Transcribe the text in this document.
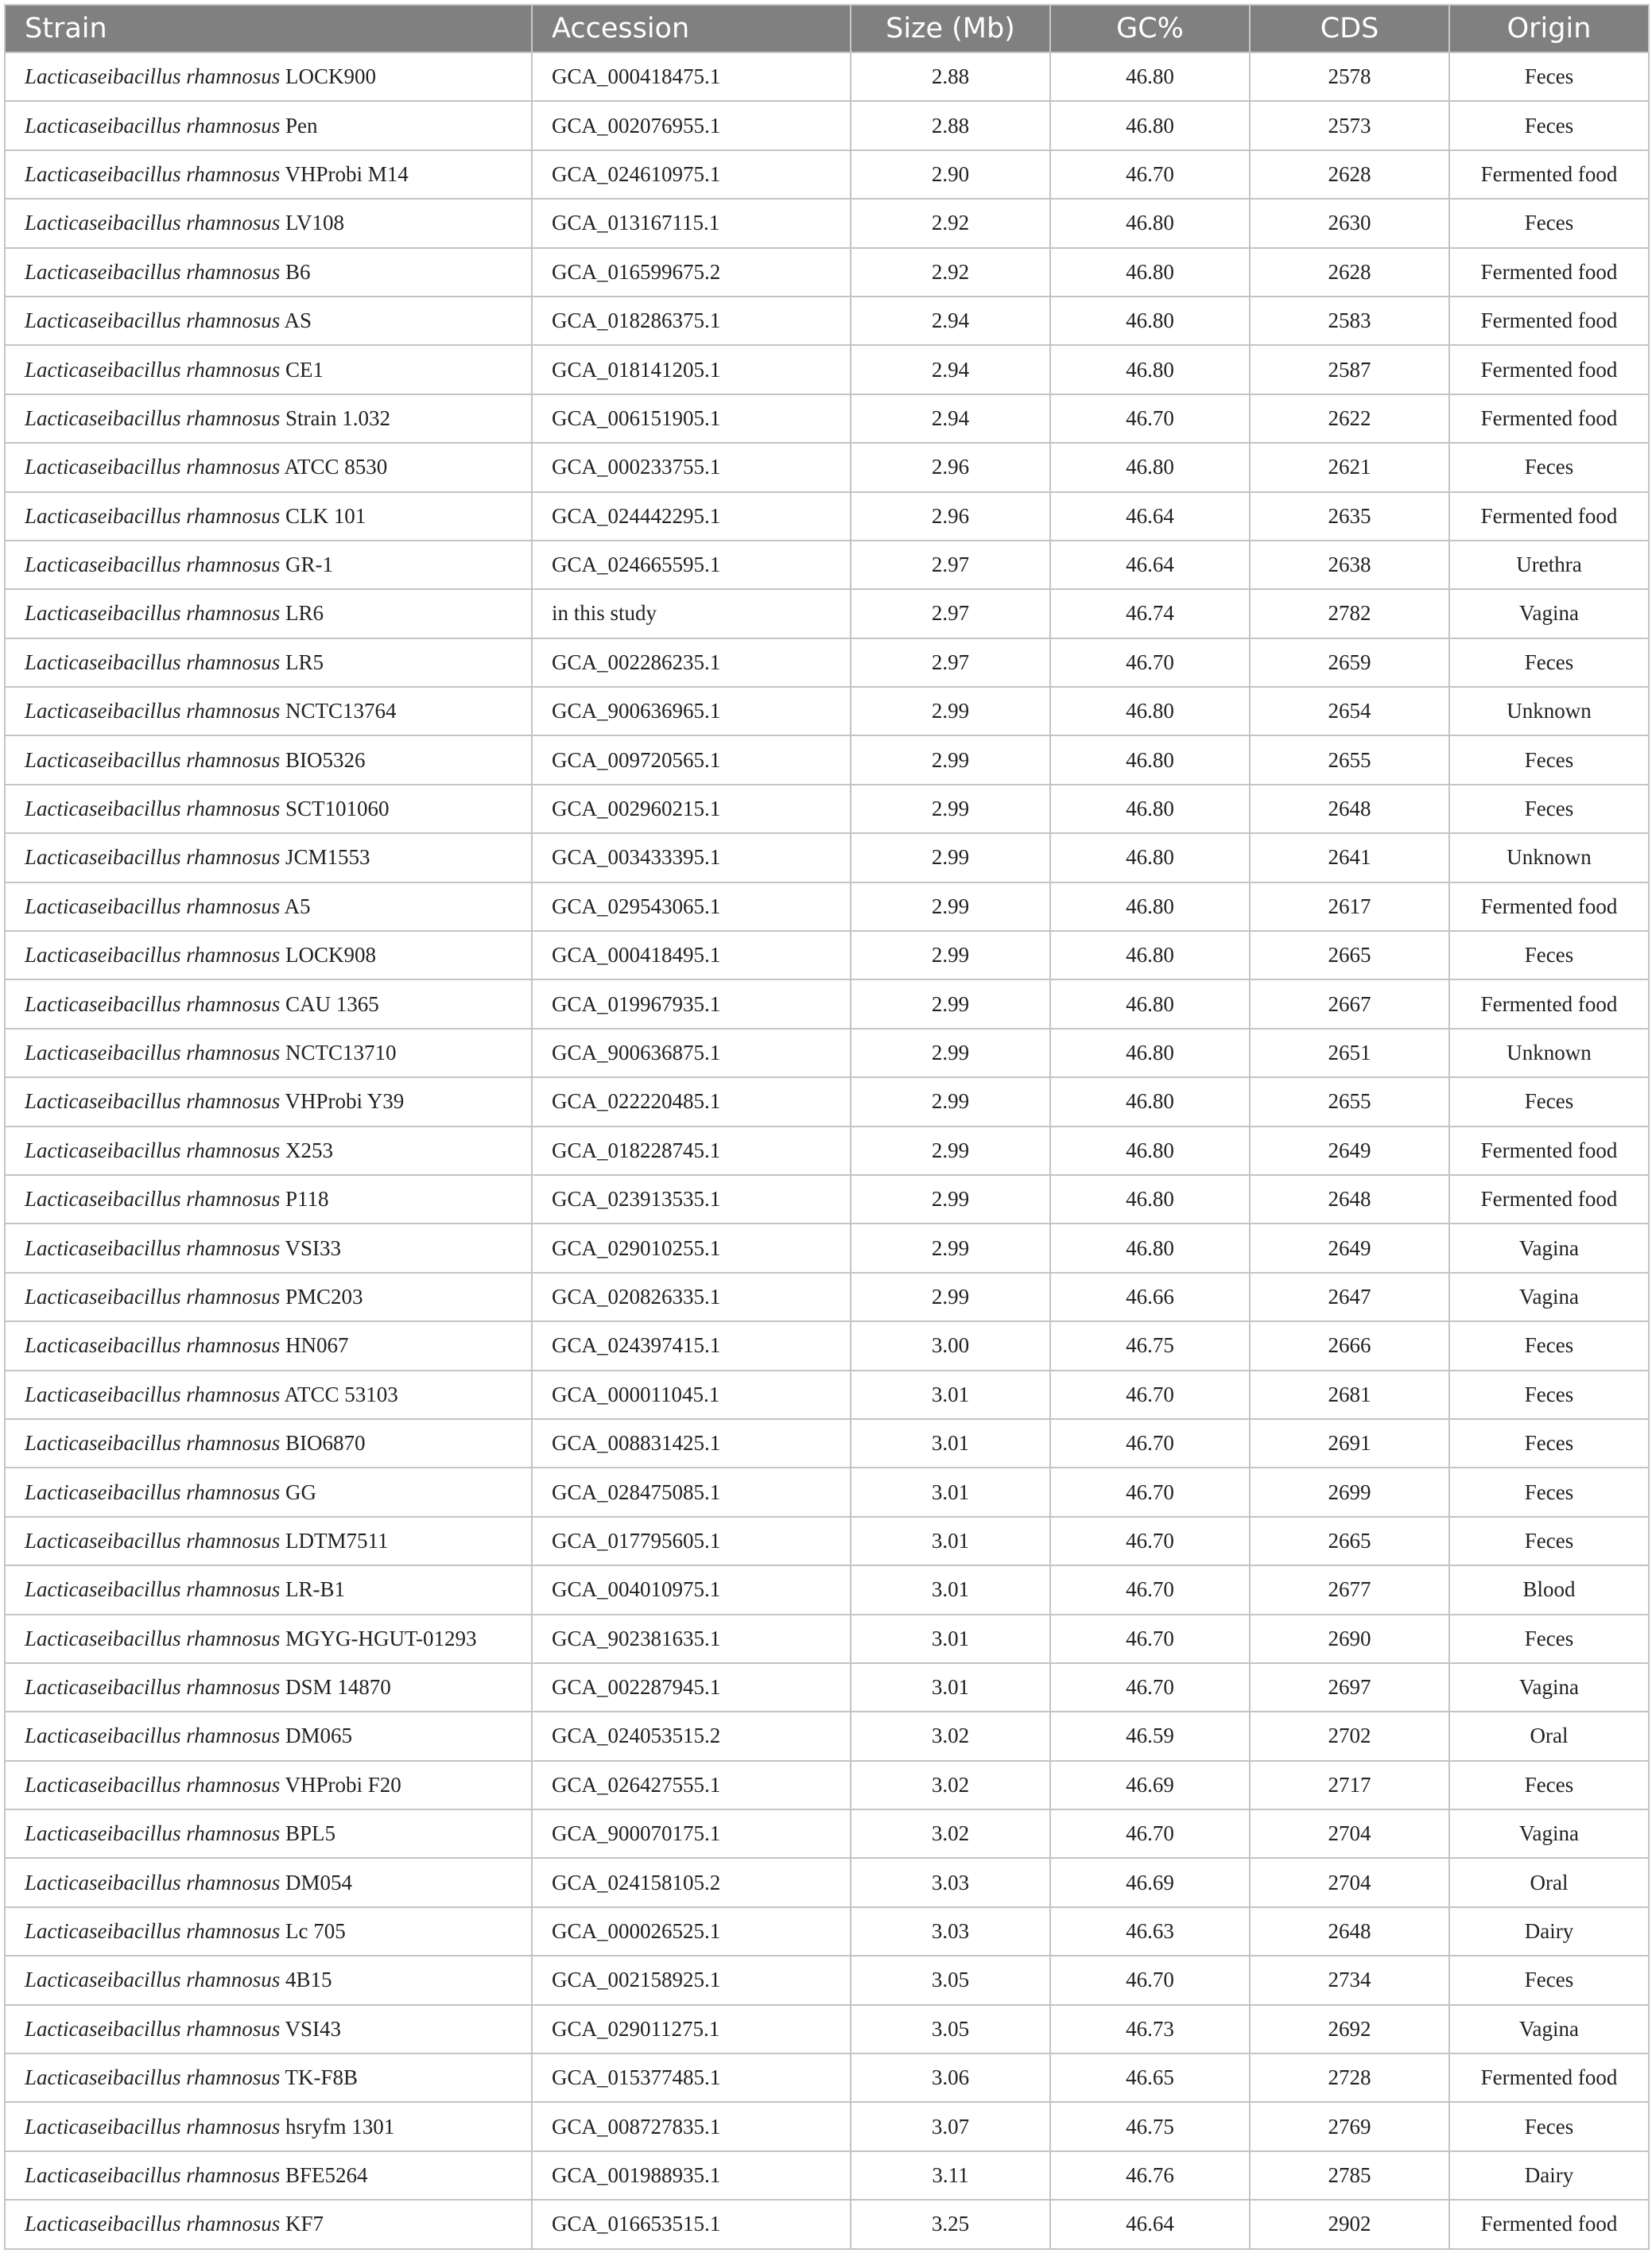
Strain	Accession	Size (Mb)	GC%	CDS	Origin
Lacticaseibacillus rhamnosus LOCK900	GCA_000418475.1	2.88	46.80	2578	Feces
Lacticaseibacillus rhamnosus Pen	GCA_002076955.1	2.88	46.80	2573	Feces
Lacticaseibacillus rhamnosus VHProbi M14	GCA_024610975.1	2.90	46.70	2628	Fermented food
Lacticaseibacillus rhamnosus LV108	GCA_013167115.1	2.92	46.80	2630	Feces
Lacticaseibacillus rhamnosus B6	GCA_016599675.2	2.92	46.80	2628	Fermented food
Lacticaseibacillus rhamnosus AS	GCA_018286375.1	2.94	46.80	2583	Fermented food
Lacticaseibacillus rhamnosus CE1	GCA_018141205.1	2.94	46.80	2587	Fermented food
Lacticaseibacillus rhamnosus Strain 1.032	GCA_006151905.1	2.94	46.70	2622	Fermented food
Lacticaseibacillus rhamnosus ATCC 8530	GCA_000233755.1	2.96	46.80	2621	Feces
Lacticaseibacillus rhamnosus CLK 101	GCA_024442295.1	2.96	46.64	2635	Fermented food
Lacticaseibacillus rhamnosus GR-1	GCA_024665595.1	2.97	46.64	2638	Urethra
Lacticaseibacillus rhamnosus LR6	in this study	2.97	46.74	2782	Vagina
Lacticaseibacillus rhamnosus LR5	GCA_002286235.1	2.97	46.70	2659	Feces
Lacticaseibacillus rhamnosus NCTC13764	GCA_900636965.1	2.99	46.80	2654	Unknown
Lacticaseibacillus rhamnosus BIO5326	GCA_009720565.1	2.99	46.80	2655	Feces
Lacticaseibacillus rhamnosus SCT101060	GCA_002960215.1	2.99	46.80	2648	Feces
Lacticaseibacillus rhamnosus JCM1553	GCA_003433395.1	2.99	46.80	2641	Unknown
Lacticaseibacillus rhamnosus A5	GCA_029543065.1	2.99	46.80	2617	Fermented food
Lacticaseibacillus rhamnosus LOCK908	GCA_000418495.1	2.99	46.80	2665	Feces
Lacticaseibacillus rhamnosus CAU 1365	GCA_019967935.1	2.99	46.80	2667	Fermented food
Lacticaseibacillus rhamnosus NCTC13710	GCA_900636875.1	2.99	46.80	2651	Unknown
Lacticaseibacillus rhamnosus VHProbi Y39	GCA_022220485.1	2.99	46.80	2655	Feces
Lacticaseibacillus rhamnosus X253	GCA_018228745.1	2.99	46.80	2649	Fermented food
Lacticaseibacillus rhamnosus P118	GCA_023913535.1	2.99	46.80	2648	Fermented food
Lacticaseibacillus rhamnosus VSI33	GCA_029010255.1	2.99	46.80	2649	Vagina
Lacticaseibacillus rhamnosus PMC203	GCA_020826335.1	2.99	46.66	2647	Vagina
Lacticaseibacillus rhamnosus HN067	GCA_024397415.1	3.00	46.75	2666	Feces
Lacticaseibacillus rhamnosus ATCC 53103	GCA_000011045.1	3.01	46.70	2681	Feces
Lacticaseibacillus rhamnosus BIO6870	GCA_008831425.1	3.01	46.70	2691	Feces
Lacticaseibacillus rhamnosus GG	GCA_028475085.1	3.01	46.70	2699	Feces
Lacticaseibacillus rhamnosus LDTM7511	GCA_017795605.1	3.01	46.70	2665	Feces
Lacticaseibacillus rhamnosus LR-B1	GCA_004010975.1	3.01	46.70	2677	Blood
Lacticaseibacillus rhamnosus MGYG-HGUT-01293	GCA_902381635.1	3.01	46.70	2690	Feces
Lacticaseibacillus rhamnosus DSM 14870	GCA_002287945.1	3.01	46.70	2697	Vagina
Lacticaseibacillus rhamnosus DM065	GCA_024053515.2	3.02	46.59	2702	Oral
Lacticaseibacillus rhamnosus VHProbi F20	GCA_026427555.1	3.02	46.69	2717	Feces
Lacticaseibacillus rhamnosus BPL5	GCA_900070175.1	3.02	46.70	2704	Vagina
Lacticaseibacillus rhamnosus DM054	GCA_024158105.2	3.03	46.69	2704	Oral
Lacticaseibacillus rhamnosus Lc 705	GCA_000026525.1	3.03	46.63	2648	Dairy
Lacticaseibacillus rhamnosus 4B15	GCA_002158925.1	3.05	46.70	2734	Feces
Lacticaseibacillus rhamnosus VSI43	GCA_029011275.1	3.05	46.73	2692	Vagina
Lacticaseibacillus rhamnosus TK-F8B	GCA_015377485.1	3.06	46.65	2728	Fermented food
Lacticaseibacillus rhamnosus hsryfm 1301	GCA_008727835.1	3.07	46.75	2769	Feces
Lacticaseibacillus rhamnosus BFE5264	GCA_001988935.1	3.11	46.76	2785	Dairy
Lacticaseibacillus rhamnosus KF7	GCA_016653515.1	3.25	46.64	2902	Fermented food
